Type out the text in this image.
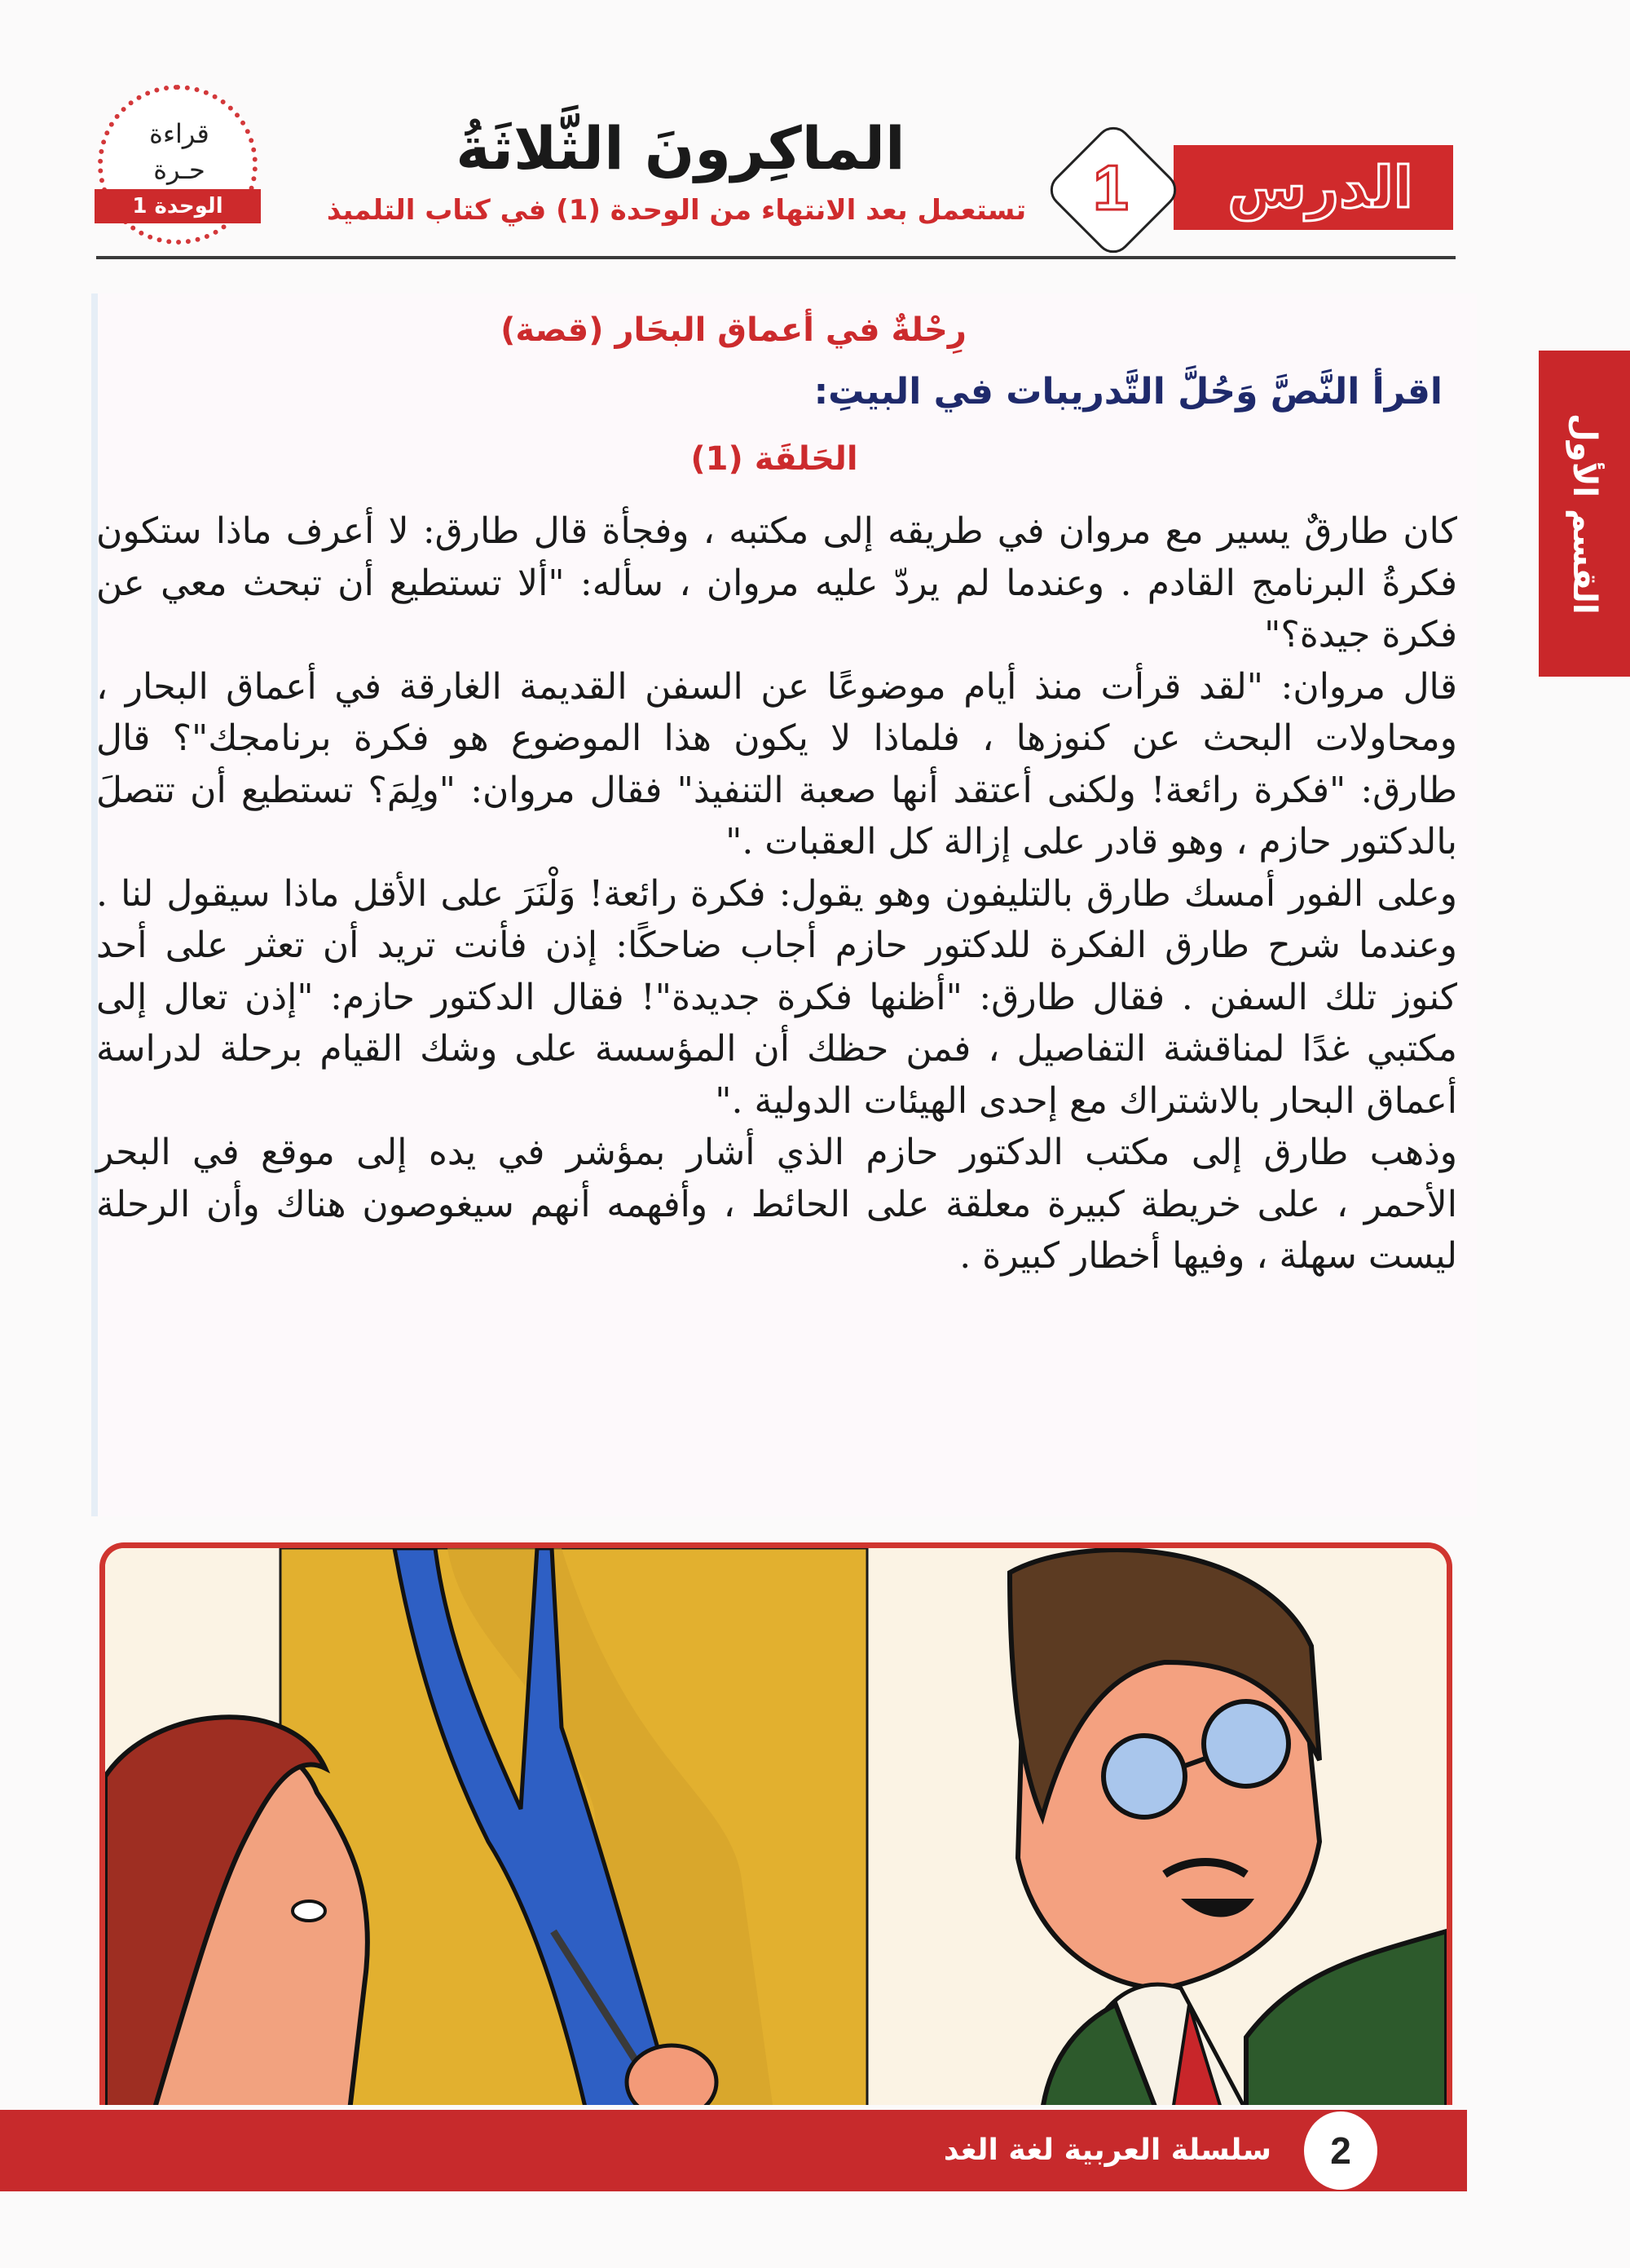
قراءة
حـرة
الوحدة 1
الماكِرونَ الثَّلاثَةُ
تستعمل بعد الانتهاء من الوحدة (1) في كتاب التلميذ	الدرس
1
القسم الأول
رِحْلةٌ في أعماق البحَار (قصة)
اقرأ النَّصَّ وَحُلَّ التَّدريبات في البيتِ:
الحَلقَة (1)
كان طارقٌ يسير مع مروان في طريقه إلى مكتبه ، وفجأة قال طارق: لا أعرف ماذا ستكون
فكرةُ البرنامج القادم . وعندما لم يردّ عليه مروان ، سأله: "ألا تستطيع أن تبحث معي عن
فكرة جيدة؟"
قال مروان: "لقد قرأت منذ أيام موضوعًا عن السفن القديمة الغارقة في أعماق البحار ،
ومحاولات البحث عن كنوزها ، فلماذا لا يكون هذا الموضوع هو فكرة برنامجك"؟ قال
طارق: "فكرة رائعة! ولكنى أعتقد أنها صعبة التنفيذ" فقال مروان: "ولِمَ؟ تستطيع أن تتصلَ
بالدكتور حازم ، وهو قادر على إزالة كل العقبات ."
وعلى الفور أمسك طارق بالتليفون وهو يقول: فكرة رائعة! وَلْنَرَ على الأقل ماذا سيقول لنا .
وعندما شرح طارق الفكرة للدكتور حازم أجاب ضاحكًا: إذن فأنت تريد أن تعثر على أحد
كنوز تلك السفن . فقال طارق: "أظنها فكرة جديدة"! فقال الدكتور حازم: "إذن تعال إلى
مكتبي غدًا لمناقشة التفاصيل ، فمن حظك أن المؤسسة على وشك القيام برحلة لدراسة
أعماق البحار بالاشتراك مع إحدى الهيئات الدولية ."
وذهب طارق إلى مكتب الدكتور حازم الذي أشار بمؤشر في يده إلى موقع في البحر
الأحمر ، على خريطة كبيرة معلقة على الحائط ، وأفهمه أنهم سيغوصون هناك وأن الرحلة
ليست سهلة ، وفيها أخطار كبيرة .
2
سلسلة العربية لغة الغد
